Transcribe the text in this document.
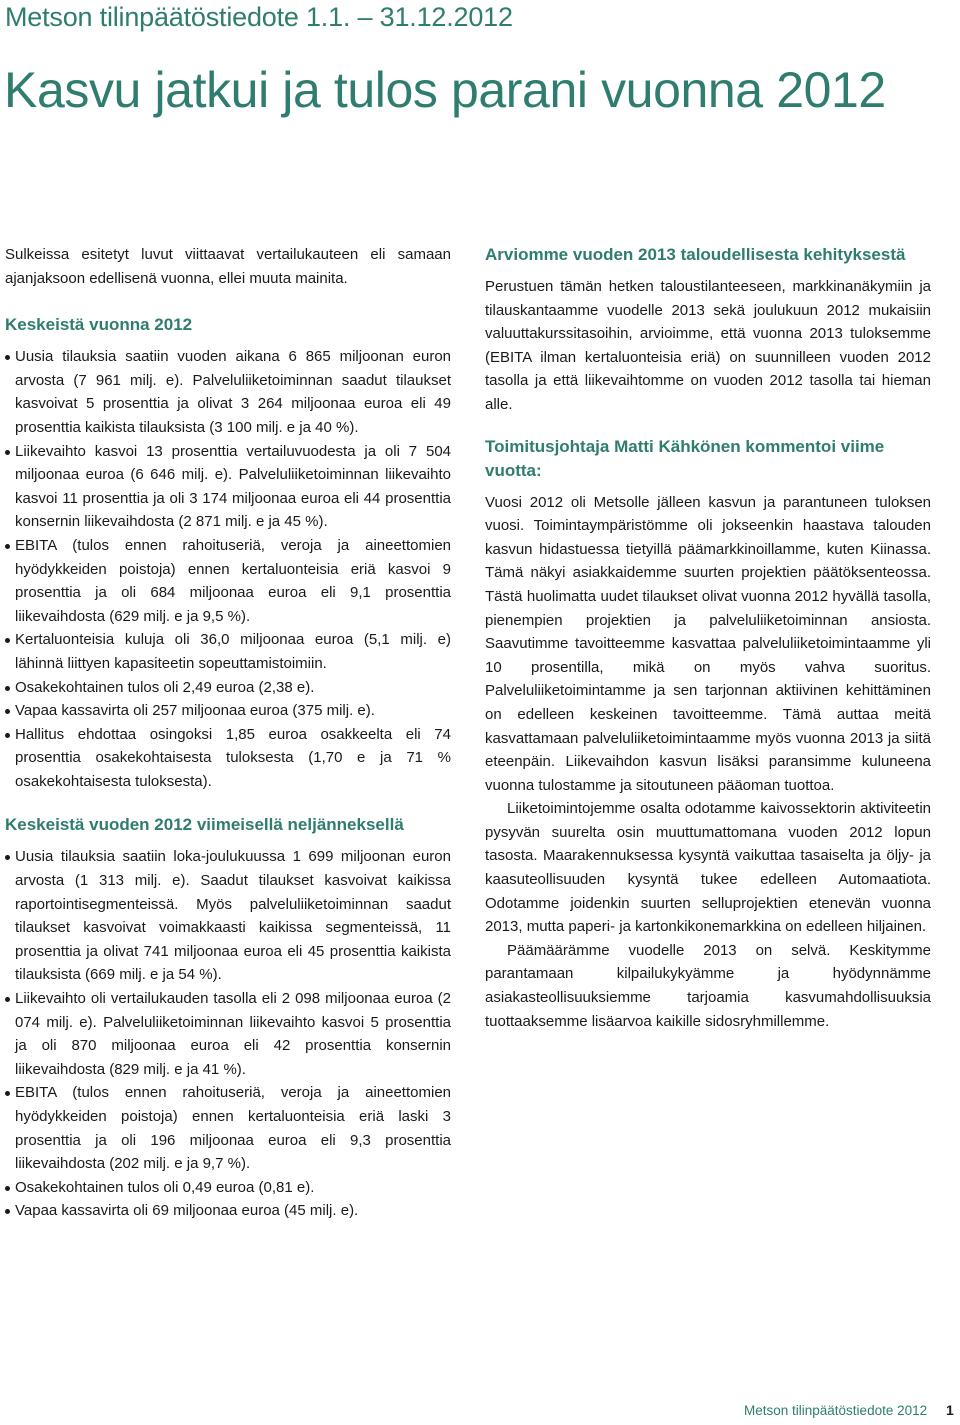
Metson tilinpäätöstiedote 1.1. – 31.12.2012
Kasvu jatkui ja tulos parani vuonna 2012

Sulkeissa esitetyt luvut viittaavat vertailukauteen eli samaan ajanjaksoon edellisenä vuonna, ellei muuta mainita.

Keskeistä vuonna 2012
Uusia tilauksia saatiin vuoden aikana 6 865 miljoonan euron arvosta (7 961 milj. e). Palveluliiketoiminnan saadut tilaukset kasvoivat 5 prosenttia ja olivat 3 264 miljoonaa euroa eli 49 prosenttia kaikista tilauksista (3 100 milj. e ja 40 %).
Liikevaihto kasvoi 13 prosenttia vertailuvuodesta ja oli 7 504 miljoonaa euroa (6 646 milj. e). Palveluliiketoiminnan liikevaihto kasvoi 11 prosenttia ja oli 3 174 miljoonaa euroa eli 44 prosenttia konsernin liikevaihdosta (2 871 milj. e ja 45 %).
EBITA (tulos ennen rahoituseriä, veroja ja aineettomien hyödykkeiden poistoja) ennen kertaluonteisia eriä kasvoi 9 prosenttia ja oli 684 miljoonaa euroa eli 9,1 prosenttia liikevaihdosta (629 milj. e ja 9,5 %).
Kertaluonteisia kuluja oli 36,0 miljoonaa euroa (5,1 milj. e) lähinnä liittyen kapasiteetin sopeuttamistoimiin.
Osakekohtainen tulos oli 2,49 euroa (2,38 e).
Vapaa kassavirta oli 257 miljoonaa euroa (375 milj. e).
Hallitus ehdottaa osingoksi 1,85 euroa osakkeelta eli 74 prosenttia osakekohtaisesta tuloksesta (1,70 e ja 71 % osakekohtaisesta tuloksesta).
Keskeistä vuoden 2012 viimeisellä neljänneksellä
Uusia tilauksia saatiin loka-joulukuussa 1 699 miljoonan euron arvosta (1 313 milj. e). Saadut tilaukset kasvoivat kaikissa raportointisegmenteissä. Myös palveluliiketoiminnan saadut tilaukset kasvoivat voimakkaasti kaikissa segmenteissä, 11 prosenttia ja olivat 741 miljoonaa euroa eli 45 prosenttia kaikista tilauksista (669 milj. e ja 54 %).
Liikevaihto oli vertailukauden tasolla eli 2 098 miljoonaa euroa (2 074 milj. e). Palveluliiketoiminnan liikevaihto kasvoi 5 prosenttia ja oli 870 miljoonaa euroa eli 42 prosenttia konsernin liikevaihdosta (829 milj. e ja 41 %).
EBITA (tulos ennen rahoituseriä, veroja ja aineettomien hyödykkeiden poistoja) ennen kertaluonteisia eriä laski 3 prosenttia ja oli 196 miljoonaa euroa eli 9,3 prosenttia liikevaihdosta (202 milj. e ja 9,7 %).
Osakekohtainen tulos oli 0,49 euroa (0,81 e).
Vapaa kassavirta oli 69 miljoonaa euroa (45 milj. e).
Arviomme vuoden 2013 taloudellisesta kehityksestä

Perustuen tämän hetken taloustilanteeseen, markkinanäkymiin ja tilauskantaamme vuodelle 2013 sekä joulukuun 2012 mukaisiin valuuttakurssitasoihin, arvioimme, että vuonna 2013 tuloksemme (EBITA ilman kertaluonteisia eriä) on suunnilleen vuoden 2012 tasolla ja että liikevaihtomme on vuoden 2012 tasolla tai hieman alle.

Toimitusjohtaja Matti Kähkönen kommentoi viime vuotta:

Vuosi 2012 oli Metsolle jälleen kasvun ja parantuneen tuloksen vuosi. Toimintaympäristömme oli jokseenkin haastava talouden kasvun hidastuessa tietyillä päämarkkinoillamme, kuten Kiinassa. Tämä näkyi asiakkaidemme suurten projektien päätöksenteossa. Tästä huolimatta uudet tilaukset olivat vuonna 2012 hyvällä tasolla, pienempien projektien ja palveluliiketoiminnan ansiosta. Saavutimme tavoitteemme kasvattaa palveluliiketoimintaamme yli 10 prosentilla, mikä on myös vahva suoritus. Palveluliiketoimintamme ja sen tarjonnan aktiivinen kehittäminen on edelleen keskeinen tavoitteemme. Tämä auttaa meitä kasvattamaan palveluliiketoimintaamme myös vuonna 2013 ja siitä eteenpäin. Liikevaihdon kasvun lisäksi paransimme kuluneena vuonna tulostamme ja sitoutuneen pääoman tuottoa.

Liiketoimintojemme osalta odotamme kaivossektorin aktiviteetin pysyvän suurelta osin muuttumattomana vuoden 2012 lopun tasosta. Maarakennuksessa kysyntä vaikuttaa tasaiselta ja öljy- ja kaasuteollisuuden kysyntä tukee edelleen Automaatiota. Odotamme joidenkin suurten selluprojektien etenevän vuonna 2013, mutta paperi- ja kartonkikonemarkkina on edelleen hiljainen.

Päämäärämme vuodelle 2013 on selvä. Keskitymme parantamaan kilpailukykyämme ja hyödynnämme asiakasteollisuuksiemme tarjoamia kasvumahdollisuuksia tuottaaksemme lisäarvoa kaikille sidosryhmillemme.

Metson tilinpäätöstiedote 2012 1
